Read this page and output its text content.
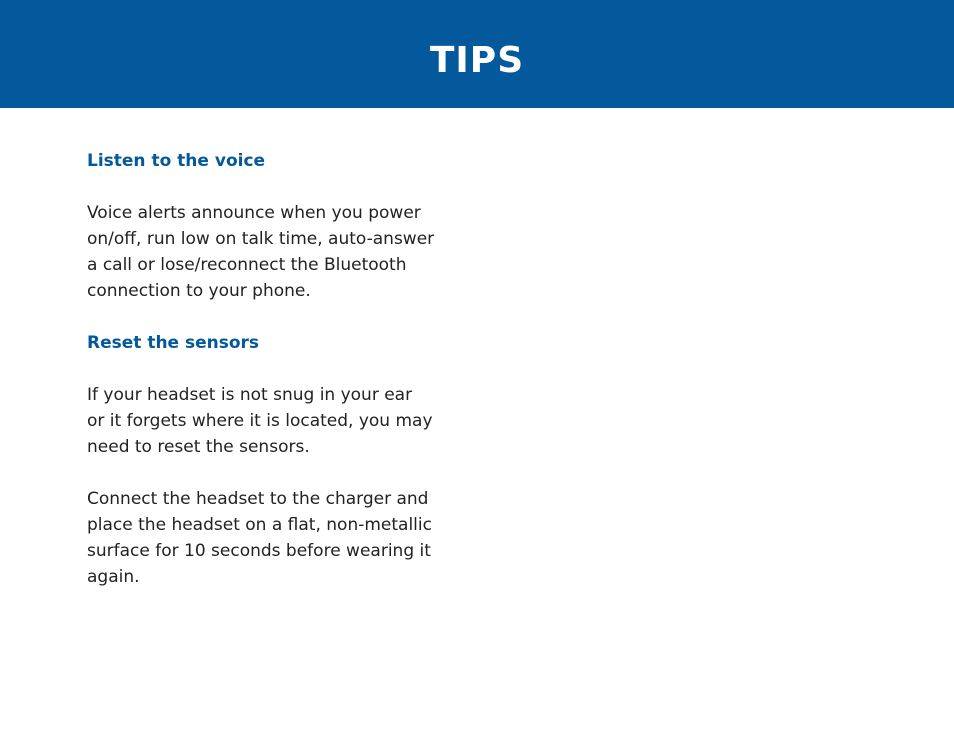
TIPS
Listen to the voice

Voice alerts announce when you power
on/off, run low on talk time, auto-answer
a call or lose/reconnect the Bluetooth
connection to your phone.

Reset the sensors

If your headset is not snug in your ear
or it forgets where it is located, you may
need to reset the sensors.

Connect the headset to the charger and
place the headset on a flat, non-metallic
surface for 10 seconds before wearing it
again.
